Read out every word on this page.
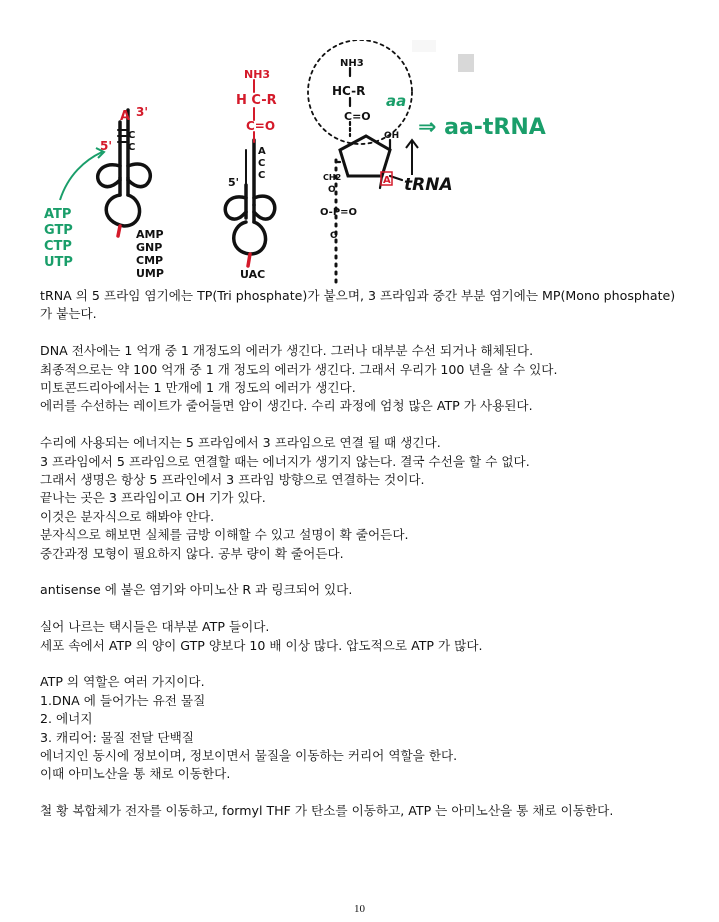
A 3'
5'
C
C
ATP
GTP
CTP
UTP
AMP
GNP
CMP
UMP
NH3
H C-R
C=O
A
C
C
5'
UAC
A
NH3
HC-R
C=O
OH
CH2
O
O-P=O
O
aa
⇒ aa-tRNA
tRNA

tRNA 의 5 프라임 염기에는 TP(Tri phosphate)가 붙으며, 3 프라임과 중간 부분 염기에는 MP(Mono phosphate)가 붙는다.

DNA 전사에는 1 억개 중 1 개정도의 에러가 생긴다. 그러나 대부분 수선 되거나 해체된다.

최종적으로는 약 100 억개 중 1 개 정도의 에러가 생긴다. 그래서 우리가 100 년을 살 수 있다.

미토콘드리아에서는 1 만개에 1 개 정도의 에러가 생긴다.

에러를 수선하는 레이트가 줄어들면 암이 생긴다. 수리 과정에 엄청 많은 ATP 가 사용된다.

수리에 사용되는 에너지는 5 프라임에서 3 프라임으로 연결 될 때 생긴다.

3 프라임에서 5 프라임으로 연결할 때는 에너지가 생기지 않는다. 결국 수선을 할 수 없다.

그래서 생명은 항상 5 프라인에서 3 프라임 방향으로 연결하는 것이다.

끝나는 곳은 3 프라임이고 OH 기가 있다.

이것은 분자식으로 해봐야 안다.

분자식으로 해보면 실체를 금방 이해할 수 있고 설명이 확 줄어든다.

중간과정 모형이 필요하지 않다. 공부 량이 확 줄어든다.

antisense 에 붙은 염기와 아미노산 R 과 링크되어 있다.

실어 나르는 택시들은 대부분 ATP 들이다.

세포 속에서 ATP 의 양이 GTP 양보다 10 배 이상 많다. 압도적으로 ATP 가 많다.

ATP 의 역할은 여러 가지이다.

1.DNA 에 들어가는 유전 물질

2. 에너지

3. 캐리어: 물질 전달 단백질

에너지인 동시에 정보이며, 정보이면서 물질을 이동하는 커리어 역할을 한다.

이때 아미노산을 통 채로 이동한다.

철 황 복합체가 전자를 이동하고, formyl THF 가 탄소를 이동하고, ATP 는 아미노산을 통 채로 이동한다.

10
